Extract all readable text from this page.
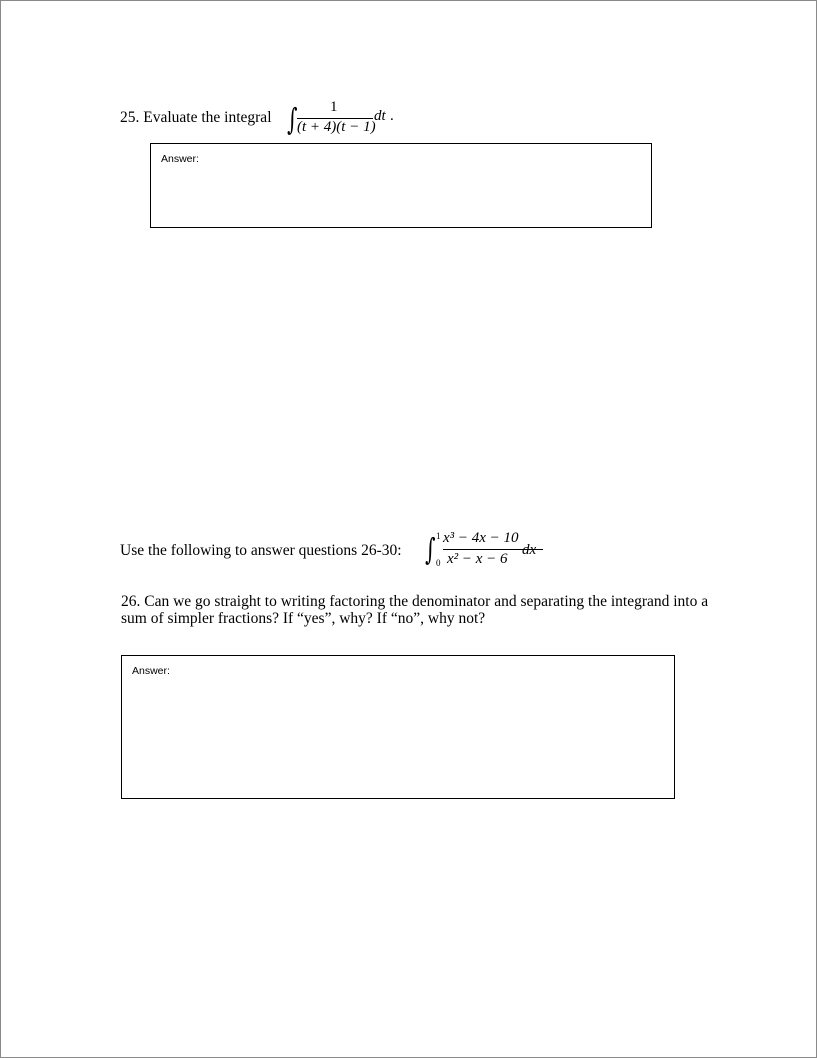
25. Evaluate the integral ∫ 1
(t + 4)(t − 1)
dt .
Answer:
Use the following to answer questions 26-30: ∫ 1
0
x³ − 4x − 10
x² − x − 6
dx
26. Can we go straight to writing factoring the denominator and separating the integrand into a sum of simpler fractions? If “yes”, why? If “no”, why not?
Answer:
